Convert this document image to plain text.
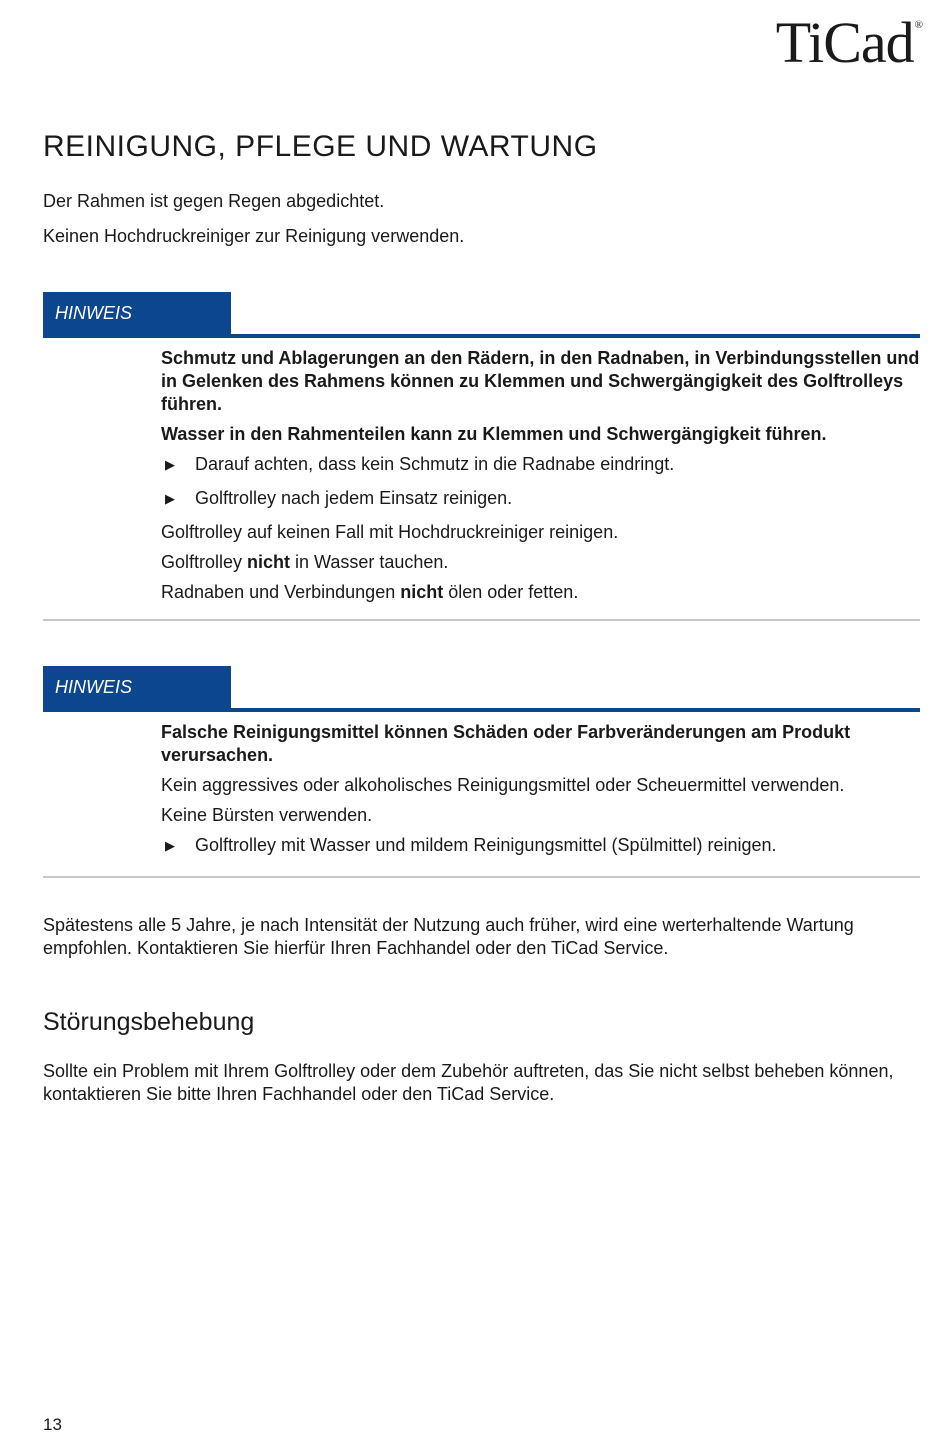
TiCad®
REINIGUNG, PFLEGE UND WARTUNG

Der Rahmen ist gegen Regen abgedichtet.

Keinen Hochdruckreiniger zur Reinigung verwenden.

HINWEIS

Schmutz und Ablagerungen an den Rädern, in den Radnaben, in Verbindungsstellen und in Gelenken des Rahmens können zu Klemmen und Schwergängigkeit des Golftrolleys führen.

Wasser in den Rahmenteilen kann zu Klemmen und Schwergängigkeit führen.

▶ Darauf achten, dass kein Schmutz in die Radnabe eindringt.
▶ Golftrolley nach jedem Einsatz reinigen.

Golftrolley auf keinen Fall mit Hochdruckreiniger reinigen.

Golftrolley nicht in Wasser tauchen.

Radnaben und Verbindungen nicht ölen oder fetten.

HINWEIS

Falsche Reinigungsmittel können Schäden oder Farbveränderungen am Produkt verursachen.

Kein aggressives oder alkoholisches Reinigungsmittel oder Scheuermittel verwenden.

Keine Bürsten verwenden.

▶ Golftrolley mit Wasser und mildem Reinigungsmittel (Spülmittel) reinigen.

Spätestens alle 5 Jahre, je nach Intensität der Nutzung auch früher, wird eine werterhaltende Wartung empfohlen. Kontaktieren Sie hierfür Ihren Fachhandel oder den TiCad Service.

Störungsbehebung

Sollte ein Problem mit Ihrem Golftrolley oder dem Zubehör auftreten, das Sie nicht selbst beheben können, kontaktieren Sie bitte Ihren Fachhandel oder den TiCad Service.

13
